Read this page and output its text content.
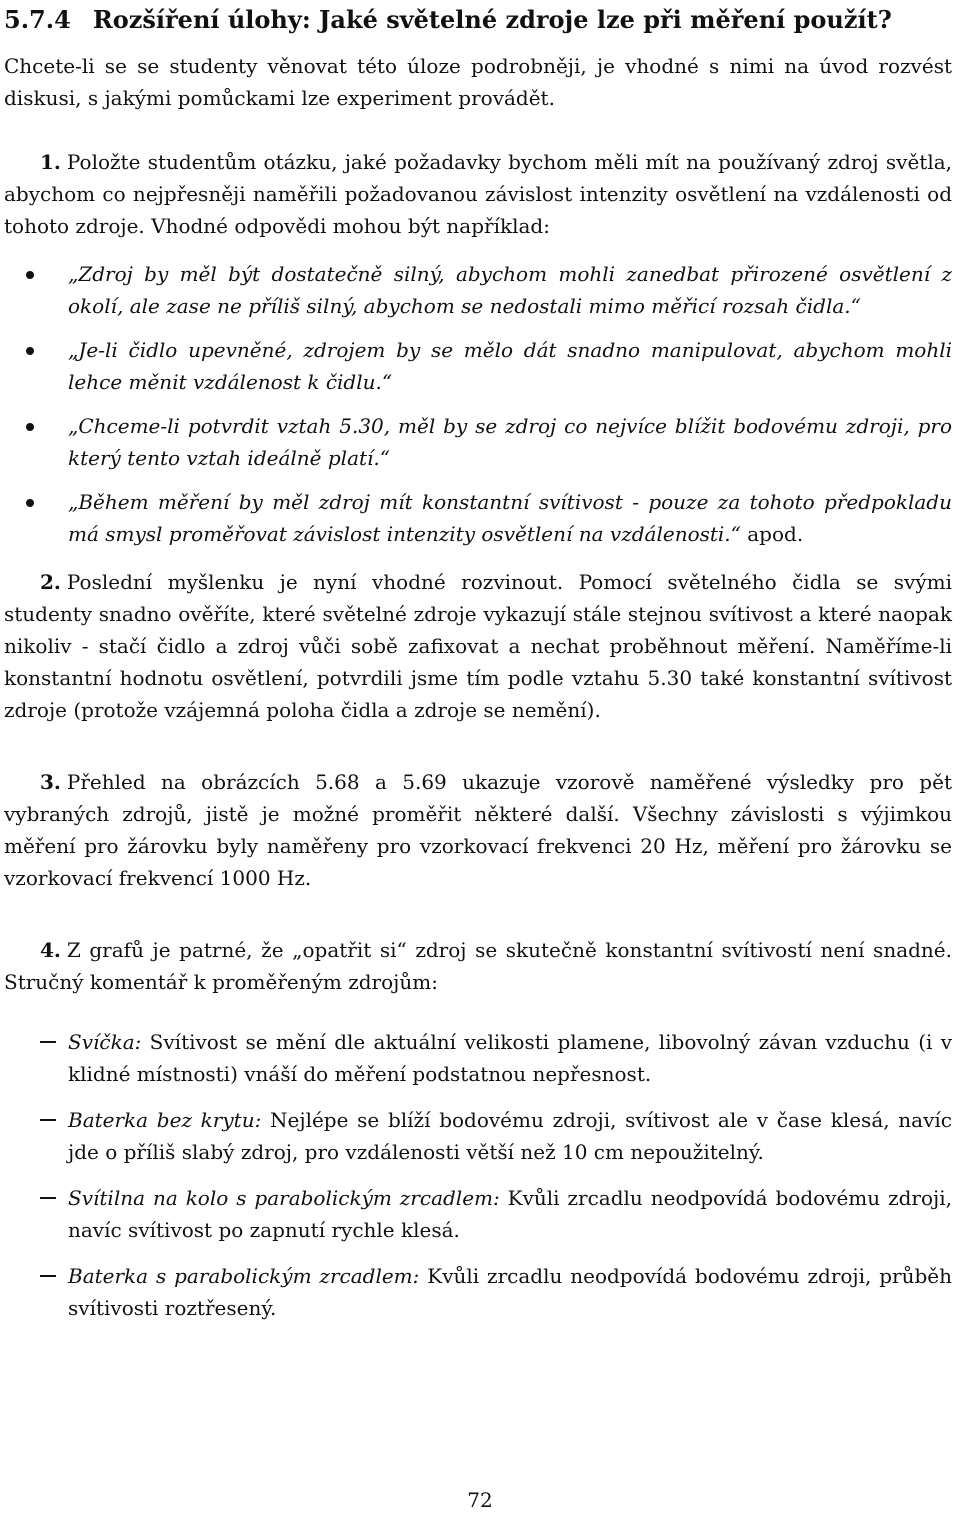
5.7.4 Rozšíření úlohy: Jaké světelné zdroje lze při měření použít?

Chcete-li se se studenty věnovat této úloze podrobněji, je vhodné s nimi na úvod rozvést diskusi, s jakými pomůckami lze experiment provádět.

1. Položte studentům otázku, jaké požadavky bychom měli mít na používaný zdroj světla, abychom co nejpřesněji naměřili požadovanou závislost intenzity osvětlení na vzdálenosti od tohoto zdroje. Vhodné odpovědi mohou být například:

„Zdroj by měl být dostatečně silný, abychom mohli zanedbat přirozené osvětlení z okolí, ale zase ne příliš silný, abychom se nedostali mimo měřicí rozsah čidla.“
„Je-li čidlo upevněné, zdrojem by se mělo dát snadno manipulovat, abychom mohli lehce měnit vzdálenost k čidlu.“
„Chceme-li potvrdit vztah 5.30, měl by se zdroj co nejvíce blížit bodovému zdroji, pro který tento vztah ideálně platí.“
„Během měření by měl zdroj mít konstantní svítivost - pouze za tohoto předpokladu má smysl proměřovat závislost intenzity osvětlení na vzdálenosti.“ apod.

2. Poslední myšlenku je nyní vhodné rozvinout. Pomocí světelného čidla se svými studenty snadno ověříte, které světelné zdroje vykazují stále stejnou svítivost a které naopak nikoliv - stačí čidlo a zdroj vůči sobě zafixovat a nechat proběhnout měření. Naměříme-li konstantní hodnotu osvětlení, potvrdili jsme tím podle vztahu 5.30 také konstantní svítivost zdroje (protože vzájemná poloha čidla a zdroje se nemění).

3. Přehled na obrázcích 5.68 a 5.69 ukazuje vzorově naměřené výsledky pro pět vybraných zdrojů, jistě je možné proměřit některé další. Všechny závislosti s výjimkou měření pro žárovku byly naměřeny pro vzorkovací frekvenci 20 Hz, měření pro žárovku se vzorkovací frekvencí 1000 Hz.

4. Z grafů je patrné, že „opatřit si“ zdroj se skutečně konstantní svítivostí není snadné. Stručný komentář k proměřeným zdrojům:

Svíčka: Svítivost se mění dle aktuální velikosti plamene, libovolný závan vzduchu (i v klidné místnosti) vnáší do měření podstatnou nepřesnost.
Baterka bez krytu: Nejlépe se blíží bodovému zdroji, svítivost ale v čase klesá, navíc jde o příliš slabý zdroj, pro vzdálenosti větší než 10 cm nepoužitelný.
Svítilna na kolo s parabolickým zrcadlem: Kvůli zrcadlu neodpovídá bodovému zdroji, navíc svítivost po zapnutí rychle klesá.
Baterka s parabolickým zrcadlem: Kvůli zrcadlu neodpovídá bodovému zdroji, průběh svítivosti roztřesený.
72
